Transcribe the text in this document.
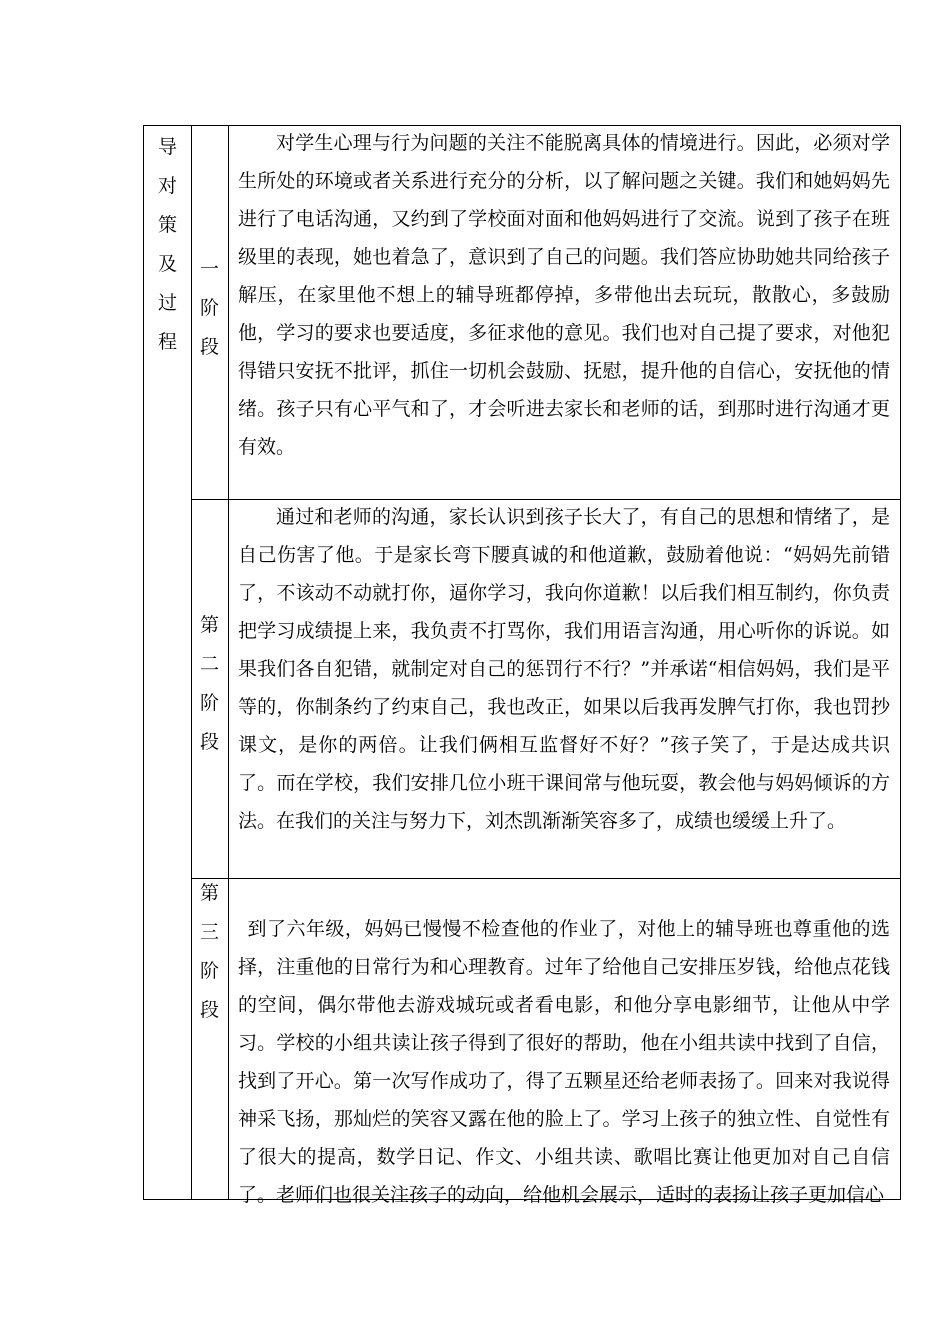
导
对
策
及
过
程
一
阶
段
对学生心理与行为问题的关注不能脱离具体的情境进行。因此，必须对学生所处的环境或者关系进行充分的分析，以了解问题之关键。我们和她妈妈先进行了电话沟通，又约到了学校面对面和他妈妈进行了交流。说到了孩子在班级里的表现，她也着急了，意识到了自己的问题。我们答应协助她共同给孩子解压，在家里他不想上的辅导班都停掉，多带他出去玩玩，散散心，多鼓励他，学习的要求也要适度，多征求他的意见。我们也对自己提了要求，对他犯得错只安抚不批评，抓住一切机会鼓励、抚慰，提升他的自信心，安抚他的情绪。孩子只有心平气和了，才会听进去家长和老师的话，到那时进行沟通才更有效。
第
二
阶
段
通过和老师的沟通，家长认识到孩子长大了，有自己的思想和情绪了，是自己伤害了他。于是家长弯下腰真诚的和他道歉，鼓励着他说：“妈妈先前错了，不该动不动就打你，逼你学习，我向你道歉！以后我们相互制约，你负责把学习成绩提上来，我负责不打骂你，我们用语言沟通，用心听你的诉说。如果我们各自犯错，就制定对自己的惩罚行不行？”并承诺“相信妈妈，我们是平等的，你制条约了约束自己，我也改正，如果以后我再发脾气打你，我也罚抄课文，是你的两倍。让我们俩相互监督好不好？”孩子笑了，于是达成共识了。而在学校，我们安排几位小班干课间常与他玩耍，教会他与妈妈倾诉的方法。在我们的关注与努力下，刘杰凯渐渐笑容多了，成绩也缓缓上升了。
第
三
阶
段
到了六年级，妈妈已慢慢不检查他的作业了，对他上的辅导班也尊重他的选择，注重他的日常行为和心理教育。过年了给他自己安排压岁钱，给他点花钱的空间，偶尔带他去游戏城玩或者看电影，和他分享电影细节，让他从中学习。学校的小组共读让孩子得到了很好的帮助，他在小组共读中找到了自信，找到了开心。第一次写作成功了，得了五颗星还给老师表扬了。回来对我说得神采飞扬，那灿烂的笑容又露在他的脸上了。学习上孩子的独立性、自觉性有了很大的提高，数学日记、作文、小组共读、歌唱比赛让他更加对自己自信了。老师们也很关注孩子的动向，给他机会展示，适时的表扬让孩子更加信心
